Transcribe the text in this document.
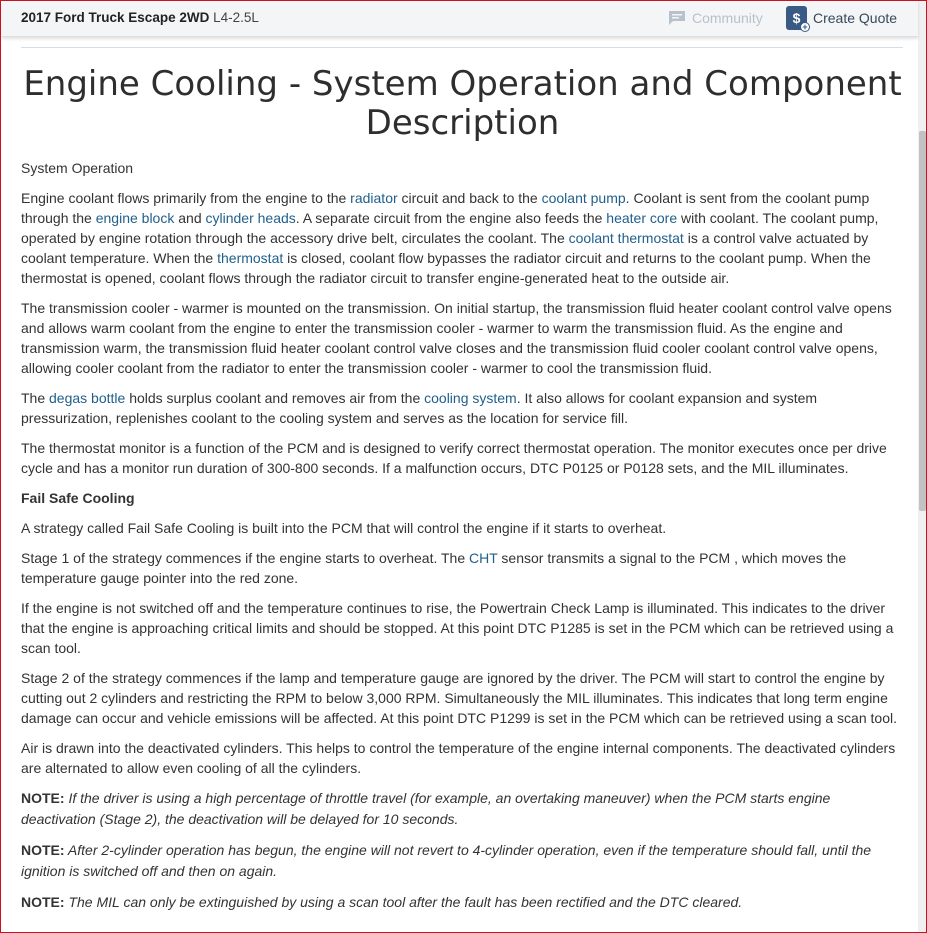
2017 Ford Truck Escape 2WD L4-2.5L	Community $
+
Create Quote

Engine Cooling - System Operation and Component Description

System Operation

Engine coolant flows primarily from the engine to the radiator circuit and back to the coolant pump. Coolant is sent from the coolant pump through the engine block and cylinder heads. A separate circuit from the engine also feeds the heater core with coolant. The coolant pump, operated by engine rotation through the accessory drive belt, circulates the coolant. The coolant thermostat is a control valve actuated by coolant temperature. When the thermostat is closed, coolant flow bypasses the radiator circuit and returns to the coolant pump. When the thermostat is opened, coolant flows through the radiator circuit to transfer engine-generated heat to the outside air.

The transmission cooler - warmer is mounted on the transmission. On initial startup, the transmission fluid heater coolant control valve opens and allows warm coolant from the engine to enter the transmission cooler - warmer to warm the transmission fluid. As the engine and transmission warm, the transmission fluid heater coolant control valve closes and the transmission fluid cooler coolant control valve opens, allowing cooler coolant from the radiator to enter the transmission cooler - warmer to cool the transmission fluid.

The degas bottle holds surplus coolant and removes air from the cooling system. It also allows for coolant expansion and system pressurization, replenishes coolant to the cooling system and serves as the location for service fill.

The thermostat monitor is a function of the PCM and is designed to verify correct thermostat operation. The monitor executes once per drive cycle and has a monitor run duration of 300-800 seconds. If a malfunction occurs, DTC P0125 or P0128 sets, and the MIL illuminates.

Fail Safe Cooling

A strategy called Fail Safe Cooling is built into the PCM that will control the engine if it starts to overheat.

Stage 1 of the strategy commences if the engine starts to overheat. The CHT sensor transmits a signal to the PCM , which moves the temperature gauge pointer into the red zone.

If the engine is not switched off and the temperature continues to rise, the Powertrain Check Lamp is illuminated. This indicates to the driver that the engine is approaching critical limits and should be stopped. At this point DTC P1285 is set in the PCM which can be retrieved using a scan tool.

Stage 2 of the strategy commences if the lamp and temperature gauge are ignored by the driver. The PCM will start to control the engine by cutting out 2 cylinders and restricting the RPM to below 3,000 RPM. Simultaneously the MIL illuminates. This indicates that long term engine damage can occur and vehicle emissions will be affected. At this point DTC P1299 is set in the PCM which can be retrieved using a scan tool.

Air is drawn into the deactivated cylinders. This helps to control the temperature of the engine internal components. The deactivated cylinders are alternated to allow even cooling of all the cylinders.

NOTE: If the driver is using a high percentage of throttle travel (for example, an overtaking maneuver) when the PCM starts engine deactivation (Stage 2), the deactivation will be delayed for 10 seconds.

NOTE: After 2-cylinder operation has begun, the engine will not revert to 4-cylinder operation, even if the temperature should fall, until the ignition is switched off and then on again.

NOTE: The MIL can only be extinguished by using a scan tool after the fault has been rectified and the DTC cleared.
